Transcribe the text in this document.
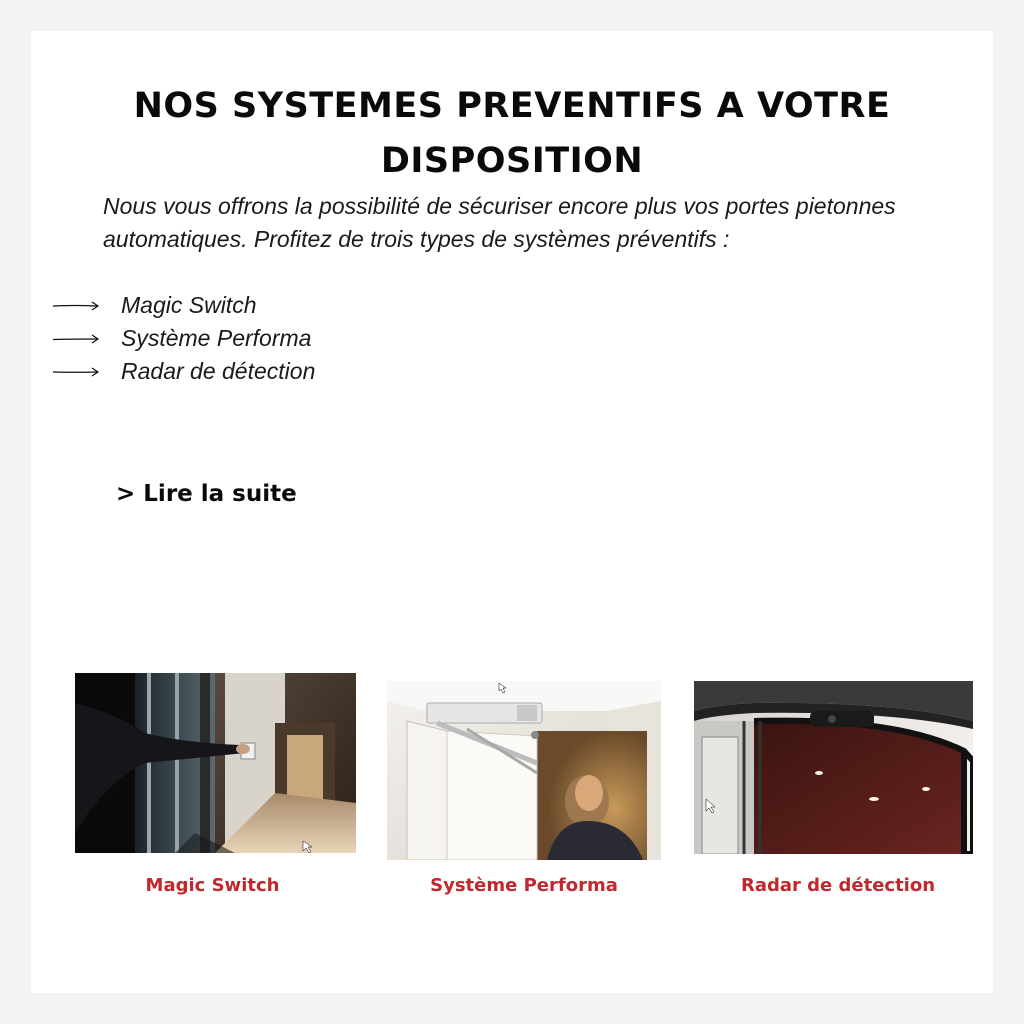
NOS SYSTEMES PREVENTIFS A VOTRE
DISPOSITION

Nous vous offrons la possibilité de sécuriser encore plus vos portes pietonnes automatiques. Profitez de trois types de systèmes préventifs :

Magic Switch
Système Performa
Radar de détection
> Lire la suite
Magic Switch	Système Performa	Radar de détection
